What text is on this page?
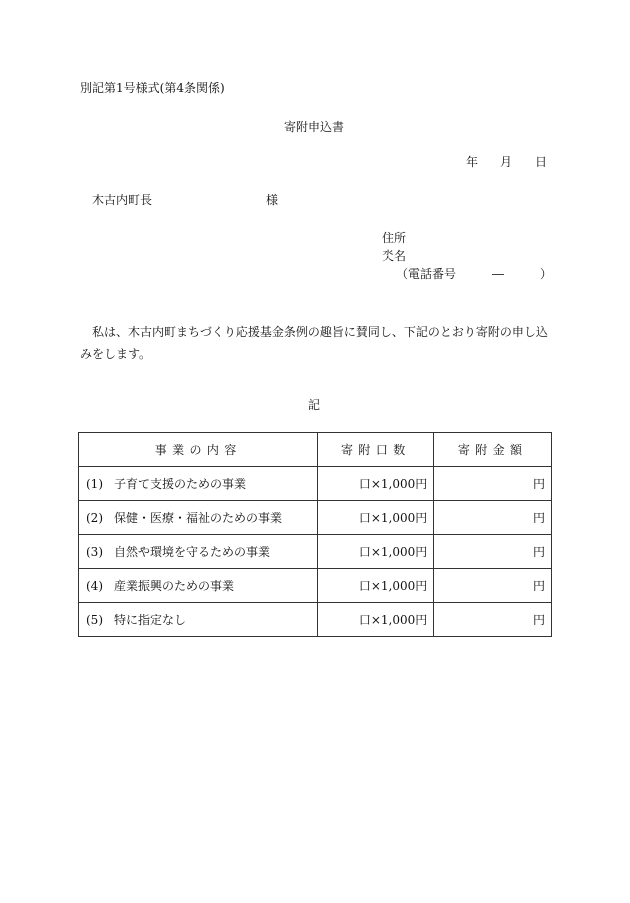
別記第1号様式(第4条関係)
寄附申込書
年 月 日
木古内町長	様
住所
氼名
（電話番号	―	）
私は、木古内町まちづくり応援基金条例の趣旨に賛同し、下記のとおり寄附の申し込みをします。
記
事業の内容	寄附口数	寄附金額
(1) 子育て支援のための事業	口×1,000円	円
(2) 保健・医療・福祉のための事業	口×1,000円	円
(3) 自然や環境を守るための事業	口×1,000円	円
(4) 産業振興のための事業	口×1,000円	円
(5) 特に指定なし	口×1,000円	円
